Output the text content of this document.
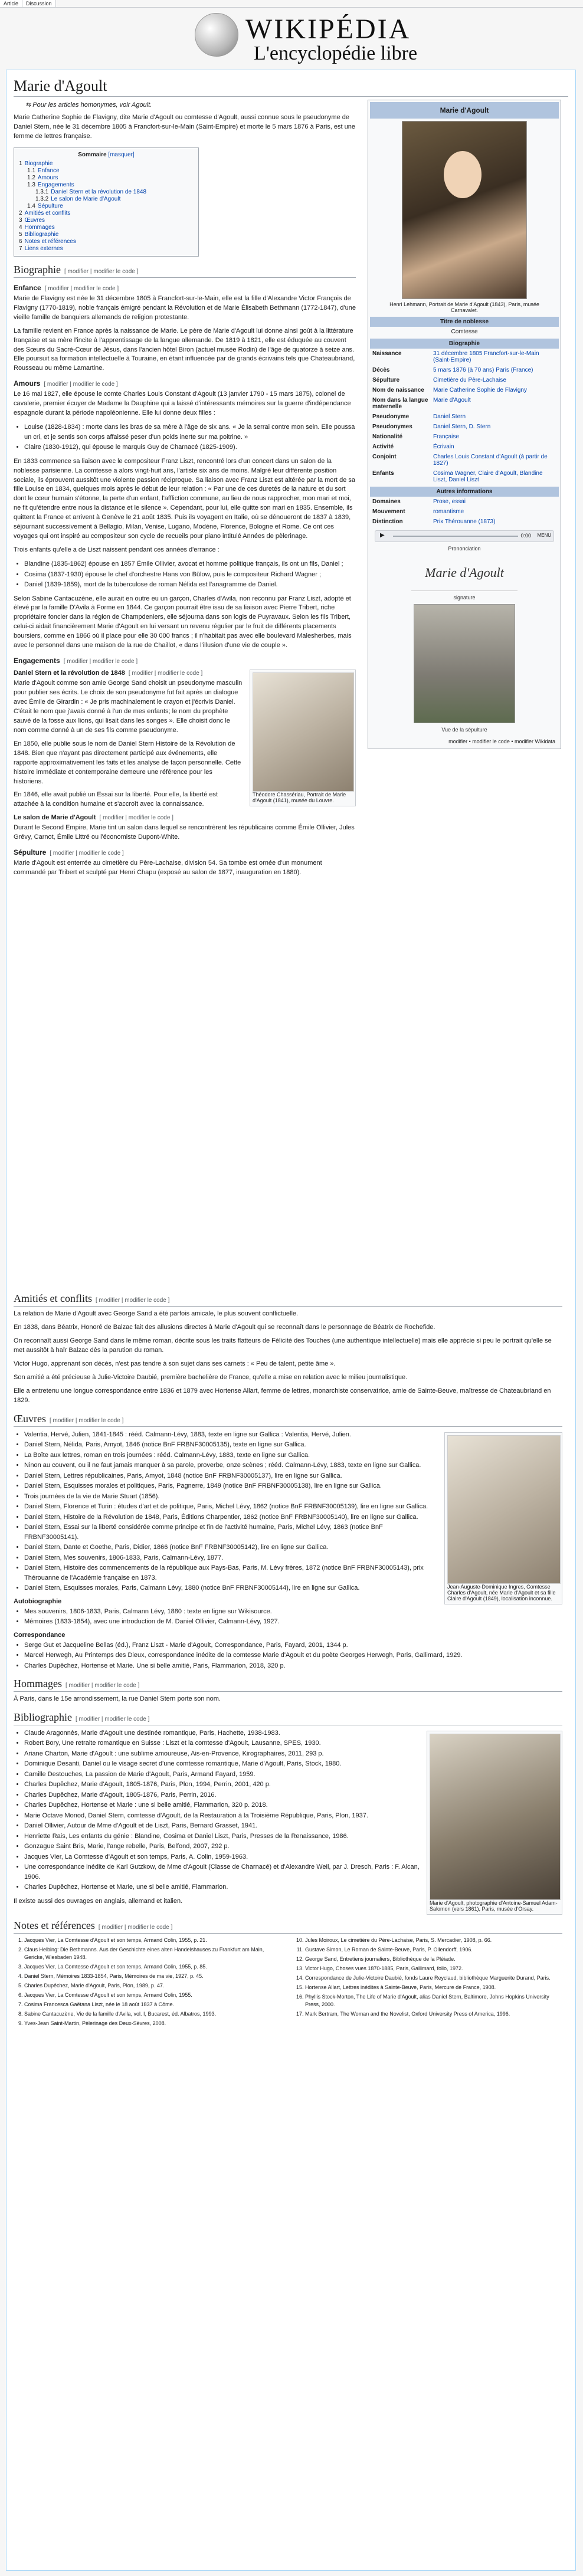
Article Discussion
WIKIPÉDIA
L'encyclopédie libre
Marie d'Agoult
⇆ Pour les articles homonymes, voir Agoult.

Marie Catherine Sophie de Flavigny, dite Marie d'Agoult ou comtesse d'Agoult, aussi connue sous le pseudonyme de Daniel Stern, née le 31 décembre 1805 à Francfort-sur-le-Main (Saint-Empire) et morte le 5 mars 1876 à Paris, est une femme de lettres française.

Sommaire [masquer]
1 Biographie
1.1 Enfance
1.2 Amours
1.3 Engagements
1.3.1 Daniel Stern et la révolution de 1848
1.3.2 Le salon de Marie d'Agoult
1.4 Sépulture
2 Amitiés et conflits
3 Œuvres
4 Hommages
5 Bibliographie
6 Notes et références
7 Liens externes
Biographie [ modifier | modifier le code ]
Enfance [ modifier | modifier le code ]

Marie de Flavigny est née le 31 décembre 1805 à Francfort-sur-le-Main, elle est la fille d'Alexandre Victor François de Flavigny (1770-1819), noble français émigré pendant la Révolution et de Marie Élisabeth Bethmann (1772-1847), d'une vieille famille de banquiers allemands de religion protestante.

La famille revient en France après la naissance de Marie. Le père de Marie d'Agoult lui donne ainsi goût à la littérature française et sa mère l'incite à l'apprentissage de la langue allemande. De 1819 à 1821, elle est éduquée au couvent des Sœurs du Sacré-Cœur de Jésus, dans l'ancien hôtel Biron (actuel musée Rodin) de l'âge de quatorze à seize ans. Elle poursuit sa formation intellectuelle à Touraine, en étant influencée par de grands écrivains tels que Chateaubriand, Rousseau ou même Lamartine.

Amours [ modifier | modifier le code ]

Le 16 mai 1827, elle épouse le comte Charles Louis Constant d'Agoult (13 janvier 1790 - 15 mars 1875), colonel de cavalerie, premier écuyer de Madame la Dauphine qui a laissé d'intéressants mémoires sur la guerre d'indépendance espagnole durant la période napoléonienne. Elle lui donne deux filles :

• Louise (1828-1834) : morte dans les bras de sa mère à l'âge de six ans. « Je la serrai contre mon sein. Elle poussa un cri, et je sentis son corps affaissé peser d'un poids inerte sur ma poitrine. »
• Claire (1830-1912), qui épouse le marquis Guy de Charnacé (1825-1909).

En 1833 commence sa liaison avec le compositeur Franz Liszt, rencontré lors d'un concert dans un salon de la noblesse parisienne. La comtesse a alors vingt-huit ans, l'artiste six ans de moins. Malgré leur différente position sociale, ils éprouvent aussitôt une violente passion réciproque. Sa liaison avec Franz Liszt est altérée par la mort de sa fille Louise en 1834, quelques mois après le début de leur relation : « Par une de ces duretés de la nature et du sort dont le cœur humain s'étonne, la perte d'un enfant, l'affliction commune, au lieu de nous rapprocher, mon mari et moi, ne fit qu'étendre entre nous la distance et le silence ». Cependant, pour lui, elle quitte son mari en 1835. Ensemble, ils quittent la France et arrivent à Genève le 21 août 1835. Puis ils voyagent en Italie, où se dénoueront de 1837 à 1839, séjournant successivement à Bellagio, Milan, Venise, Lugano, Modène, Florence, Bologne et Rome. Ce ont ces voyages qui ont inspiré au compositeur son cycle de recueils pour piano intitulé Années de pèlerinage.

Trois enfants qu'elle a de Liszt naissent pendant ces années d'errance :

• Blandine (1835-1862) épouse en 1857 Émile Ollivier, avocat et homme politique français, ils ont un fils, Daniel ;
• Cosima (1837-1930) épouse le chef d'orchestre Hans von Bülow, puis le compositeur Richard Wagner ;
• Daniel (1839-1859), mort de la tuberculose de roman Nélida est l'anagramme de Daniel.

Selon Sabine Cantacuzène, elle aurait en outre eu un garçon, Charles d'Avila, non reconnu par Franz Liszt, adopté et élevé par la famille D'Avila à Forme en 1844. Ce garçon pourrait être issu de sa liaison avec Pierre Tribert, riche propriétaire foncier dans la région de Champdeniers, elle séjourna dans son logis de Puyravaux. Selon les fils Tribert, celui-ci aidait financièrement Marie d'Agoult en lui versant un revenu régulier par le fruit de différents placements boursiers, comme en 1866 où il place pour elle 30 000 francs ; il n'habitait pas avec elle boulevard Malesherbes, mais avec le personnel dans une maison de la rue de Chaillot, « dans l'illusion d'une vie de couple ».

Engagements [ modifier | modifier le code ]
Théodore Chassériau, Portrait de Marie d'Agoult (1841), musée du Louvre.
Daniel Stern et la révolution de 1848 [ modifier | modifier le code ]

Marie d'Agoult comme son amie George Sand choisit un pseudonyme masculin pour publier ses écrits. Le choix de son pseudonyme fut fait après un dialogue avec Émile de Girardin : « Je pris machinalement le crayon et j'écrivis Daniel. C'était le nom que j'avais donné à l'un de mes enfants; le nom du prophète sauvé de la fosse aux lions, qui lisait dans les songes ». Elle choisit donc le nom comme donné à un de ses fils comme pseudonyme.

En 1850, elle publie sous le nom de Daniel Stern Histoire de la Révolution de 1848. Bien que n'ayant pas directement participé aux événements, elle rapporte approximativement les faits et les analyse de façon personnelle. Cette histoire immédiate et contemporaine demeure une référence pour les historiens.

En 1846, elle avait publié un Essai sur la liberté. Pour elle, la liberté est attachée à la condition humaine et s'accroît avec la connaissance.

Le salon de Marie d'Agoult [ modifier | modifier le code ]

Durant le Second Empire, Marie tint un salon dans lequel se rencontrèrent les républicains comme Émile Ollivier, Jules Grévy, Carnot, Émile Littré ou l'économiste Dupont-White.

Sépulture [ modifier | modifier le code ]

Marie d'Agoult est enterrée au cimetière du Père-Lachaise, division 54. Sa tombe est ornée d'un monument commandé par Tribert et sculpté par Henri Chapu (exposé au salon de 1877, inauguration en 1880).

Marie d'Agoult
Henri Lehmann, Portrait de Marie d'Agoult (1843), Paris, musée Carnavalet.
Titre de noblesse
Comtesse
Biographie
Naissance	31 décembre 1805 Francfort-sur-le-Main (Saint-Empire)
Décès	5 mars 1876 (à 70 ans) Paris (France)
Sépulture	Cimetière du Père-Lachaise
Nom de naissance	Marie Catherine Sophie de Flavigny
Nom dans la langue maternelle	Marie d'Agoult
Pseudonyme	Daniel Stern
Pseudonymes	Daniel Stern, D. Stern
Nationalité	Française
Activité	Écrivain
Conjoint	Charles Louis Constant d'Agoult (à partir de 1827)
Enfants	Cosima Wagner, Claire d'Agoult, Blandine Liszt, Daniel Liszt
Autres informations
Domaines	Prose, essai
Mouvement	romantisme
Distinction	Prix Thérouanne (1873)
▶	0:00 MENU
Prononciation
Marie d'Agoult
signature
Vue de la sépulture
modifier • modifier le code • modifier Wikidata
Amitiés et conflits [ modifier | modifier le code ]

La relation de Marie d'Agoult avec George Sand a été parfois amicale, le plus souvent conflictuelle.

En 1838, dans Béatrix, Honoré de Balzac fait des allusions directes à Marie d'Agoult qui se reconnaît dans le personnage de Béatrix de Rochefide.

On reconnaît aussi George Sand dans le même roman, décrite sous les traits flatteurs de Félicité des Touches (une authentique intellectuelle) mais elle apprécie si peu le portrait qu'elle se met aussitôt à haïr Balzac dès la parution du roman.

Victor Hugo, apprenant son décès, n'est pas tendre à son sujet dans ses carnets : « Peu de talent, petite âme ».

Son amitié a été précieuse à Julie-Victoire Daubié, première bachelière de France, qu'elle a mise en relation avec le milieu journalistique.

Elle a entretenu une longue correspondance entre 1836 et 1879 avec Hortense Allart, femme de lettres, monarchiste conservatrice, amie de Sainte-Beuve, maîtresse de Chateaubriand en 1829.

Œuvres [ modifier | modifier le code ]
Jean-Auguste-Dominique Ingres, Comtesse Charles d'Agoult, née Marie d'Agoult et sa fille Claire d'Agoult (1849), localisation inconnue.
• Valentia, Hervé, Julien, 1841-1845 : rééd. Calmann-Lévy, 1883, texte en ligne sur Gallica : Valentia, Hervé, Julien.
• Daniel Stern, Nélida, Paris, Amyot, 1846 (notice BnF FRBNF30005135), texte en ligne sur Gallica.
• La Boîte aux lettres, roman en trois journées : rééd. Calmann-Lévy, 1883, texte en ligne sur Gallica.
• Ninon au couvent, ou il ne faut jamais manquer à sa parole, proverbe, onze scènes ; rééd. Calmann-Lévy, 1883, texte en ligne sur Gallica.
• Daniel Stern, Lettres républicaines, Paris, Amyot, 1848 (notice BnF FRBNF30005137), lire en ligne sur Gallica.
• Daniel Stern, Esquisses morales et politiques, Paris, Pagnerre, 1849 (notice BnF FRBNF30005138), lire en ligne sur Gallica.
• Trois journées de la vie de Marie Stuart (1856).
• Daniel Stern, Florence et Turin : études d'art et de politique, Paris, Michel Lévy, 1862 (notice BnF FRBNF30005139), lire en ligne sur Gallica.
• Daniel Stern, Histoire de la Révolution de 1848, Paris, Éditions Charpentier, 1862 (notice BnF FRBNF30005140), lire en ligne sur Gallica.
• Daniel Stern, Essai sur la liberté considérée comme principe et fin de l'activité humaine, Paris, Michel Lévy, 1863 (notice BnF FRBNF30005141).
• Daniel Stern, Dante et Goethe, Paris, Didier, 1866 (notice BnF FRBNF30005142), lire en ligne sur Gallica.
• Daniel Stern, Mes souvenirs, 1806-1833, Paris, Calmann-Lévy, 1877.
• Daniel Stern, Histoire des commencements de la république aux Pays-Bas, Paris, M. Lévy frères, 1872 (notice BnF FRBNF30005143), prix Thérouanne de l'Académie française en 1873.
• Daniel Stern, Esquisses morales, Paris, Calmann Lévy, 1880 (notice BnF FRBNF30005144), lire en ligne sur Gallica.
Autobiographie
• Mes souvenirs, 1806-1833, Paris, Calmann Lévy, 1880 : texte en ligne sur Wikisource.
• Mémoires (1833-1854), avec une introduction de M. Daniel Ollivier, Calmann-Lévy, 1927.
Correspondance
• Serge Gut et Jacqueline Bellas (éd.), Franz Liszt - Marie d'Agoult, Correspondance, Paris, Fayard, 2001, 1344 p.
• Marcel Herwegh, Au Printemps des Dieux, correspondance inédite de la comtesse Marie d'Agoult et du poète Georges Herwegh, Paris, Gallimard, 1929.
• Charles Dupêchez, Hortense et Marie. Une si belle amitié, Paris, Flammarion, 2018, 320 p.
Hommages [ modifier | modifier le code ]

À Paris, dans le 15e arrondissement, la rue Daniel Stern porte son nom.

Bibliographie [ modifier | modifier le code ]
Marie d'Agoult, photographie d'Antoine-Samuel Adam-Salomon (vers 1861), Paris, musée d'Orsay.
• Claude Aragonnès, Marie d'Agoult une destinée romantique, Paris, Hachette, 1938-1983.
• Robert Bory, Une retraite romantique en Suisse : Liszt et la comtesse d'Agoult, Lausanne, SPES, 1930.
• Ariane Charton, Marie d'Agoult : une sublime amoureuse, Ais-en-Provence, Kirographaires, 2011, 293 p.
• Dominique Desanti, Daniel ou le visage secret d'une comtesse romantique, Marie d'Agoult, Paris, Stock, 1980.
• Camille Destouches, La passion de Marie d'Agoult, Paris, Armand Fayard, 1959.
• Charles Dupêchez, Marie d'Agoult, 1805-1876, Paris, Plon, 1994, Perrin, 2001, 420 p.
• Charles Dupêchez, Marie d'Agoult, 1805-1876, Paris, Perrin, 2016.
• Charles Dupêchez, Hortense et Marie : une si belle amitié, Flammarion, 320 p. 2018.
• Marie Octave Monod, Daniel Stern, comtesse d'Agoult, de la Restauration à la Troisième République, Paris, Plon, 1937.
• Daniel Ollivier, Autour de Mme d'Agoult et de Liszt, Paris, Bernard Grasset, 1941.
• Henriette Rais, Les enfants du génie : Blandine, Cosima et Daniel Liszt, Paris, Presses de la Renaissance, 1986.
• Gonzague Saint Bris, Marie, l'ange rebelle, Paris, Belfond, 2007, 292 p.
• Jacques Vier, La Comtesse d'Agoult et son temps, Paris, A. Colin, 1959-1963.
• Une correspondance inédite de Karl Gutzkow, de Mme d'Agoult (Classe de Charnacé) et d'Alexandre Weil, par J. Dresch, Paris : F. Alcan, 1906.
• Charles Dupêchez, Hortense et Marie, une si belle amitié, Flammarion.

Il existe aussi des ouvrages en anglais, allemand et italien.

Notes et références [ modifier | modifier le code ]
1. Jacques Vier, La Comtesse d'Agoult et son temps, Armand Colin, 1955, p. 21.
2. Claus Helbing: Die Bethmanns. Aus der Geschichte eines alten Handelshauses zu Frankfurt am Main, Gericke, Wiesbaden 1948.
3. Jacques Vier, La Comtesse d'Agoult et son temps, Armand Colin, 1955, p. 85.
4. Daniel Stern, Mémoires 1833-1854, Paris, Mémoires de ma vie, 1927, p. 45.
5. Charles Dupêchez, Marie d'Agoult, Paris, Plon, 1989, p. 47.
6. Jacques Vier, La Comtesse d'Agoult et son temps, Armand Colin, 1955.
7. Cosima Francesca Gaëtana Liszt, née le 18 août 1837 à Côme.
8. Sabine Cantacuzène, Vie de la famille d'Avila, vol. I, Bucarest, éd. Albatros, 1993.
9. Yves-Jean Saint-Martin, Pèlerinage des Deux-Sèvres, 2008.
10. Jules Moiroux, Le cimetière du Père-Lachaise, Paris, S. Mercadier, 1908, p. 66.
11. Gustave Simon, Le Roman de Sainte-Beuve, Paris, P. Ollendorff, 1906.
12. George Sand, Entretiens journaliers, Bibliothèque de la Pléiade.
13. Victor Hugo, Choses vues 1870-1885, Paris, Gallimard, folio, 1972.
14. Correspondance de Julie-Victoire Daubié, fonds Laure Reyclaud, bibliothèque Marguerite Durand, Paris.
15. Hortense Allart, Lettres inédites à Sainte-Beuve, Paris, Mercure de France, 1908.
16. Phyllis Stock-Morton, The Life of Marie d'Agoult, alias Daniel Stern, Baltimore, Johns Hopkins University Press, 2000.
17. Mark Bertram, The Woman and the Novelist, Oxford University Press of America, 1996.
